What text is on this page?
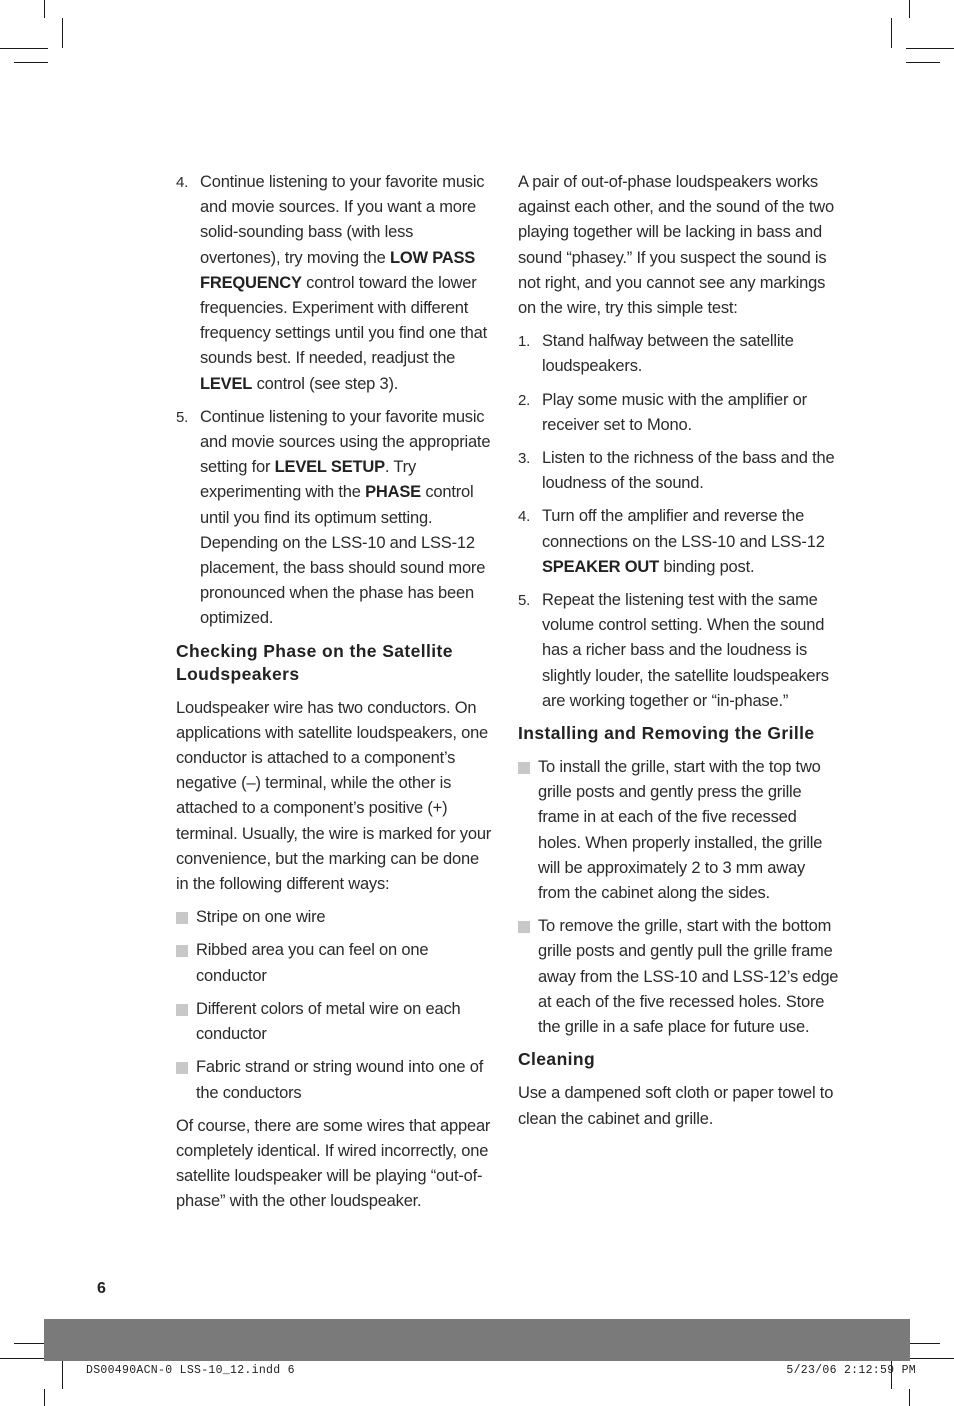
4. Continue listening to your favorite music and movie sources. If you want a more solid-sounding bass (with less overtones), try moving the LOW PASS FREQUENCY control toward the lower frequencies. Experiment with different frequency settings until you find one that sounds best. If needed, readjust the LEVEL control (see step 3).
5. Continue listening to your favorite music and movie sources using the appropriate setting for LEVEL SETUP. Try experimenting with the PHASE control until you find its optimum setting. Depending on the LSS-10 and LSS-12 placement, the bass should sound more pronounced when the phase has been optimized.
Checking Phase on the Satellite Loudspeakers

Loudspeaker wire has two conductors. On applications with satellite loudspeakers, one conductor is attached to a component’s negative (–) terminal, while the other is attached to a component’s positive (+) terminal. Usually, the wire is marked for your convenience, but the marking can be done in the following different ways:

Stripe on one wire
Ribbed area you can feel on one conductor
Different colors of metal wire on each conductor
Fabric strand or string wound into one of the conductors

Of course, there are some wires that appear completely identical. If wired incorrectly, one satellite loudspeaker will be playing “out-of-phase” with the other loudspeaker.

A pair of out-of-phase loudspeakers works against each other, and the sound of the two playing together will be lacking in bass and sound “phasey.” If you suspect the sound is not right, and you cannot see any markings on the wire, try this simple test:

1. Stand halfway between the satellite loudspeakers.
2. Play some music with the amplifier or receiver set to Mono.
3. Listen to the richness of the bass and the loudness of the sound.
4. Turn off the amplifier and reverse the connections on the LSS-10 and LSS-12 SPEAKER OUT binding post.
5. Repeat the listening test with the same volume control setting. When the sound has a richer bass and the loudness is slightly louder, the satellite loudspeakers are working together or “in-phase.”
Installing and Removing the Grille
To install the grille, start with the top two grille posts and gently press the grille frame in at each of the five recessed holes. When properly installed, the grille will be approximately 2 to 3 mm away from the cabinet along the sides.
To remove the grille, start with the bottom grille posts and gently pull the grille frame away from the LSS-10 and LSS-12’s edge at each of the five recessed holes. Store the grille in a safe place for future use.
Cleaning

Use a dampened soft cloth or paper towel to clean the cabinet and grille.

6
DS00490ACN-0 LSS-10_12.indd 6	5/23/06 2:12:59 PM
